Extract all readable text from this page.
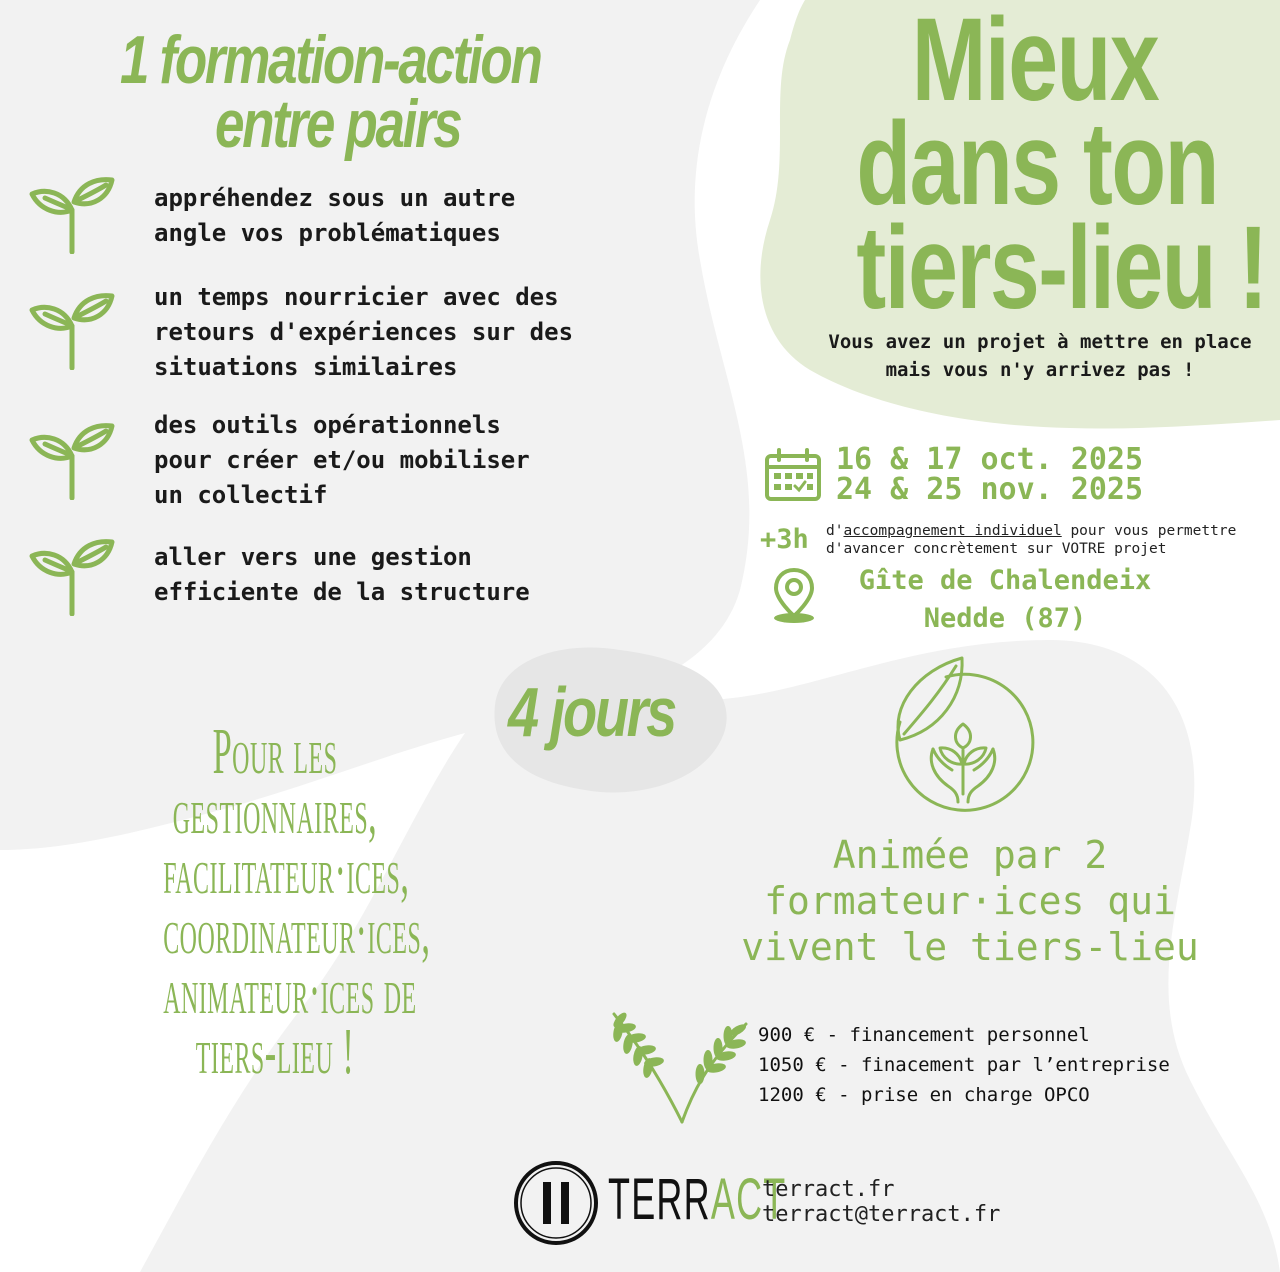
1 formation-action
entre pairs
appréhendez sous un autre
angle vos problématiques
un temps nourricier avec des
retours d'expériences sur des
situations similaires
des outils opérationnels
pour créer et/ou mobiliser
un collectif
aller vers une gestion
efficiente de la structure
Mieux
dans ton
tiers-lieu !
Vous avez un projet à mettre en place mais vous n'y arrivez pas !
16 & 17 oct. 2025
24 & 25 nov. 2025
+3h d'accompagnement individuel pour vous permettre d'avancer concrètement sur VOTRE projet
Gîte de Chalendeix
Nedde (87)
4 jours
Pour les
gestionnaires,
facilitateur·ices,
coordinateur·ices,
animateur·ices de
tiers-lieu !
Animée par 2 formateur·ices qui vivent le tiers-lieu
900 € - financement personnel
1050 € - finacement par l’entreprise
1200 € - prise en charge OPCO
TERRACT
terract.fr
terract@terract.fr
